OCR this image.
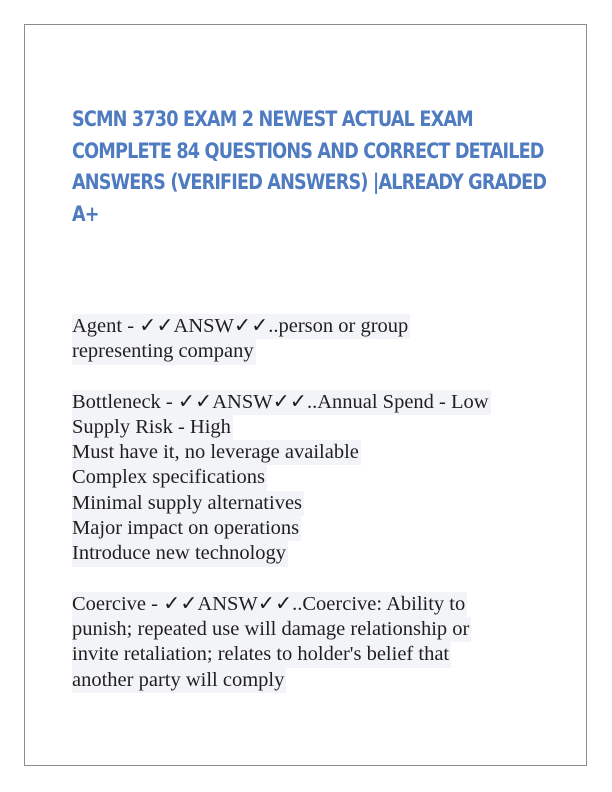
SCMN 3730 EXAM 2 NEWEST ACTUAL EXAM
COMPLETE 84 QUESTIONS AND CORRECT DETAILED
ANSWERS (VERIFIED ANSWERS) |ALREADY GRADED
A+
Agent - ✓✓ANSW✓✓..person or group
representing company
Bottleneck - ✓✓ANSW✓✓..Annual Spend - Low
Supply Risk - High
Must have it, no leverage available
Complex specifications
Minimal supply alternatives
Major impact on operations
Introduce new technology
Coercive - ✓✓ANSW✓✓..Coercive: Ability to
punish; repeated use will damage relationship or
invite retaliation; relates to holder's belief that
another party will comply
